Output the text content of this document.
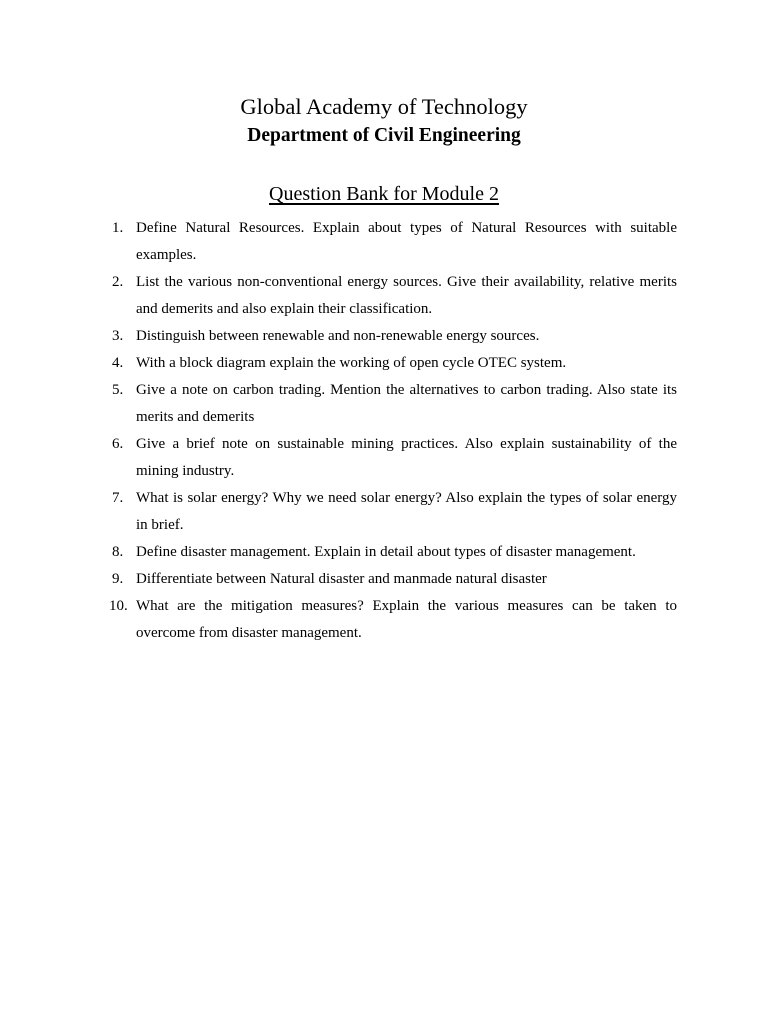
Global Academy of Technology
Department of Civil Engineering
Question Bank for Module 2
1. Define Natural Resources. Explain about types of Natural Resources with suitable examples.
2. List the various non-conventional energy sources. Give their availability, relative merits and demerits and also explain their classification.
3. Distinguish between renewable and non-renewable energy sources.
4. With a block diagram explain the working of open cycle OTEC system.
5. Give a note on carbon trading. Mention the alternatives to carbon trading. Also state its merits and demerits
6. Give a brief note on sustainable mining practices. Also explain sustainability of the mining industry.
7. What is solar energy? Why we need solar energy? Also explain the types of solar energy in brief.
8. Define disaster management. Explain in detail about types of disaster management.
9. Differentiate between Natural disaster and manmade natural disaster
10. What are the mitigation measures? Explain the various measures can be taken to overcome from disaster management.
